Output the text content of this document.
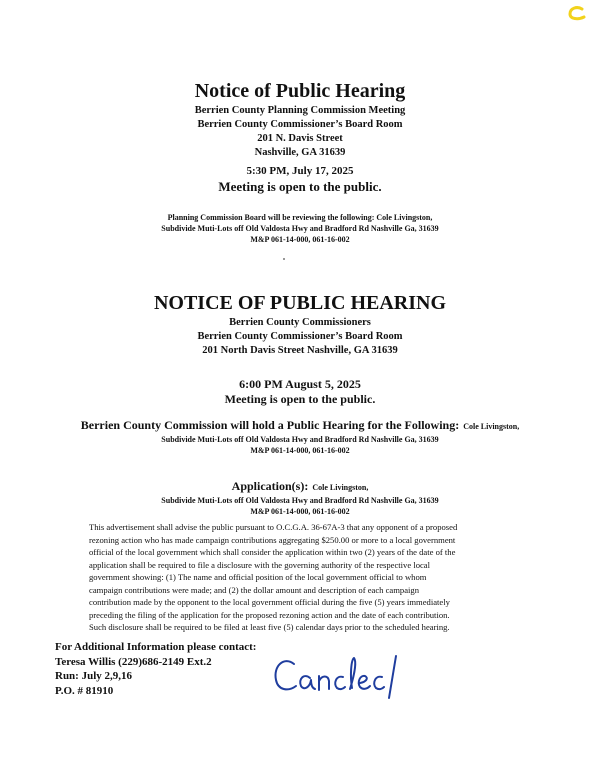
Notice of Public Hearing
Berrien County Planning Commission Meeting
Berrien County Commissioner’s Board Room
201 N. Davis Street
Nashville, GA 31639
5:30 PM, July 17, 2025
Meeting is open to the public.
Planning Commission Board will be reviewing the following: Cole Livingston,
Subdivide Muti-Lots off Old Valdosta Hwy and Bradford Rd Nashville Ga, 31639
M&P 061-14-000, 061-16-002
NOTICE OF PUBLIC HEARING
Berrien County Commissioners
Berrien County Commissioner’s Board Room
201 North Davis Street Nashville, GA 31639
6:00 PM August 5, 2025
Meeting is open to the public.
Berrien County Commission will hold a Public Hearing for the Following: Cole Livingston,
Subdivide Muti-Lots off Old Valdosta Hwy and Bradford Rd Nashville Ga, 31639
M&P 061-14-000, 061-16-002
Application(s): Cole Livingston,
Subdivide Muti-Lots off Old Valdosta Hwy and Bradford Rd Nashville Ga, 31639
M&P 061-14-000, 061-16-002
This advertisement shall advise the public pursuant to O.C.G.A. 36-67A-3 that any opponent of a proposed
rezoning action who has made campaign contributions aggregating $250.00 or more to a local government
official of the local government which shall consider the application within two (2) years of the date of the
application shall be required to file a disclosure with the governing authority of the respective local
government showing: (1) The name and official position of the local government official to whom
campaign contributions were made; and (2) the dollar amount and description of each campaign
contribution made by the opponent to the local government official during the five (5) years immediately
preceding the filing of the application for the proposed rezoning action and the date of each contribution.
Such disclosure shall be required to be filed at least five (5) calendar days prior to the scheduled hearing.
For Additional Information please contact:
Teresa Willis (229)686-2149 Ext.2
Run: July 2,9,16
P.O. # 81910
